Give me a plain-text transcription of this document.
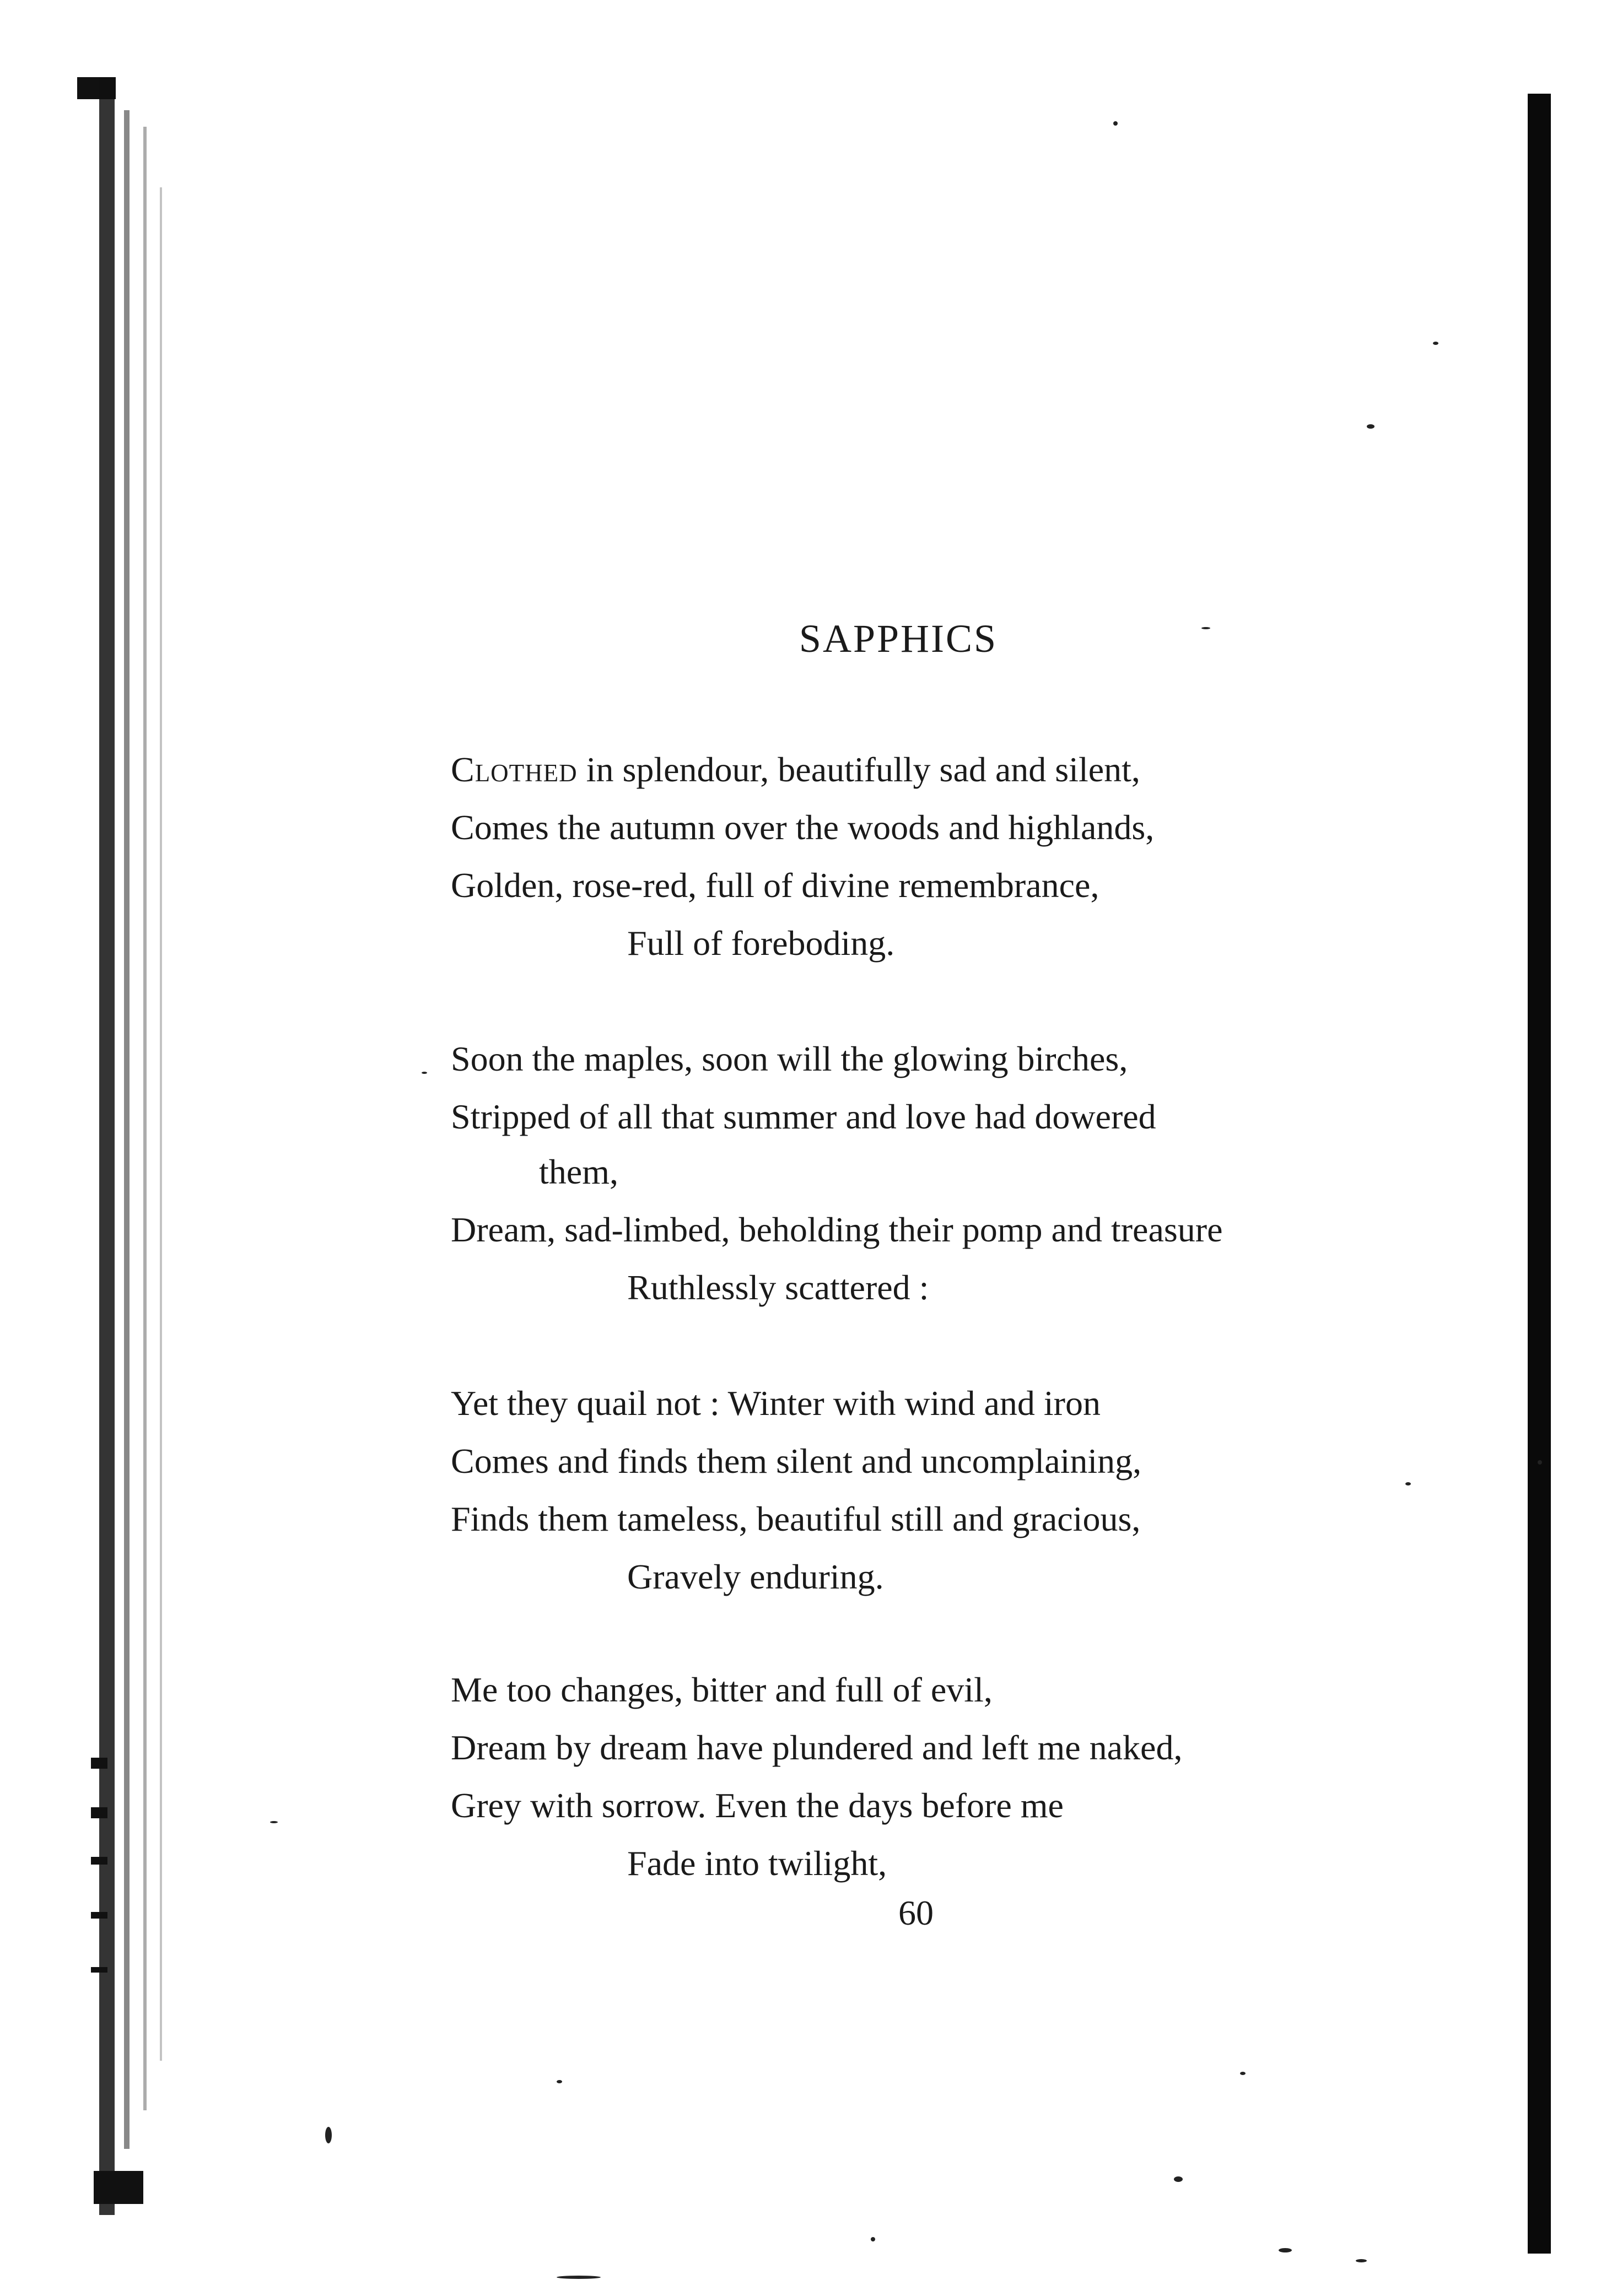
SAPPHICS
Clothed in splendour, beautifully sad and silent,
Comes the autumn over the woods and highlands,
Golden, rose-red, full of divine remembrance,
Full of foreboding.
Soon the maples, soon will the glowing birches,
Stripped of all that summer and love had dowered
them,
Dream, sad-limbed, beholding their pomp and treasure
Ruthlessly scattered :
Yet they quail not : Winter with wind and iron
Comes and finds them silent and uncomplaining,
Finds them tameless, beautiful still and gracious,
Gravely enduring.
Me too changes, bitter and full of evil,
Dream by dream have plundered and left me naked,
Grey with sorrow. Even the days before me
Fade into twilight,
60
